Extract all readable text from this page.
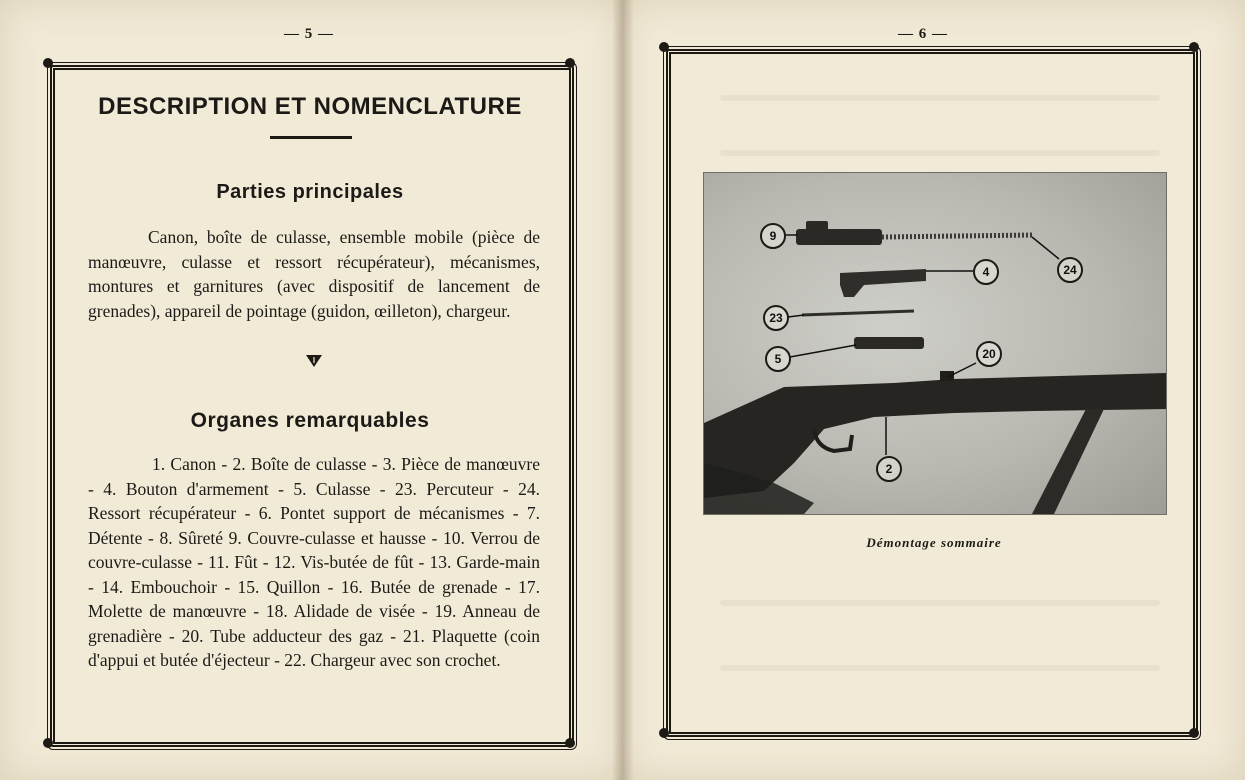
— 5 —
DESCRIPTION ET NOMENCLATURE
Parties principales
Canon, boîte de culasse, ensemble mobile (pièce de manœuvre, culasse et ressort récupérateur), mécanismes, montures et garnitures (avec dispositif de lancement de grenades), appareil de pointage (guidon, œilleton), chargeur.
Organes remarquables
1. Canon - 2. Boîte de culasse - 3. Pièce de manœuvre - 4. Bouton d'armement - 5. Culasse - 23. Percuteur - 24. Ressort récupérateur - 6. Pontet support de mécanismes - 7. Détente - 8. Sûreté 9. Couvre-culasse et hausse - 10. Verrou de couvre-culasse - 11. Fût - 12. Vis-butée de fût - 13. Garde-main - 14. Embouchoir - 15. Quillon - 16. Butée de grenade - 17. Molette de manœuvre - 18. Alidade de visée - 19. Anneau de grenadière - 20. Tube adducteur des gaz - 21. Plaquette (coin d'appui et butée d'éjecteur - 22. Chargeur avec son crochet.
— 6 —
9
24
4
23
5	20
2
Démontage sommaire
